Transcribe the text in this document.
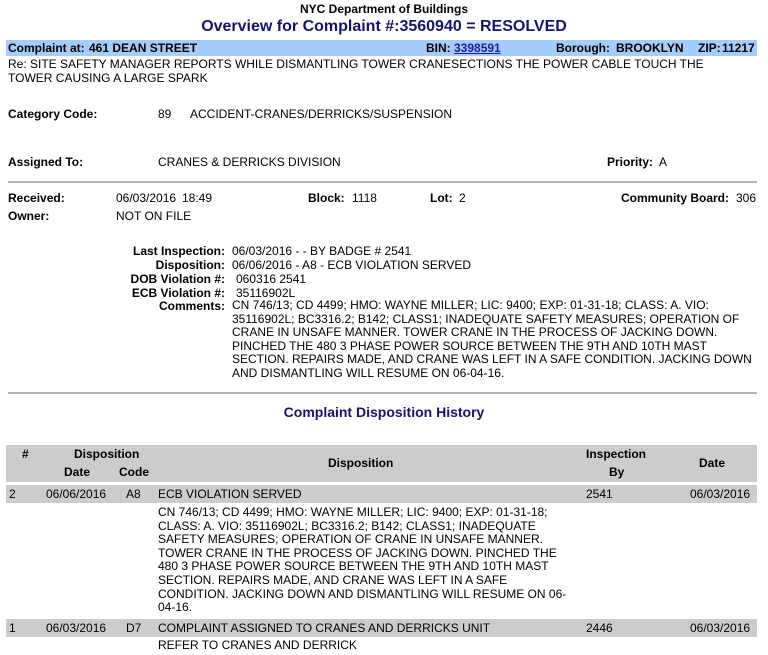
NYC Department of Buildings
Overview for Complaint #:3560940 = RESOLVED
Complaint at: 461 DEAN STREET	BIN: 3398591	Borough: BROOKLYN ZIP: 11217
Re: SITE SAFETY MANAGER REPORTS WHILE DISMANTLING TOWER CRANESECTIONS THE POWER CABLE TOUCH THE TOWER CAUSING A LARGE SPARK
Category Code:	89 ACCIDENT-CRANES/DERRICKS/SUSPENSION
Assigned To:	CRANES & DERRICKS DIVISION	Priority: A
Received:	06/03/2016 18:49	Block: 1118	Lot: 2	Community Board: 306
Owner:	NOT ON FILE
Last Inspection: 06/03/2016 - - BY BADGE # 2541
Disposition: 06/06/2016 - A8 - ECB VIOLATION SERVED
DOB Violation #: 060316 2541
ECB Violation #: 35116902L
Comments: CN 746/13; CD 4499; HMO: WAYNE MILLER; LIC: 9400; EXP: 01-31-18; CLASS: A. VIO: 35116902L; BC3316.2; B142; CLASS1; INADEQUATE SAFETY MEASURES; OPERATION OF CRANE IN UNSAFE MANNER. TOWER CRANE IN THE PROCESS OF JACKING DOWN. PINCHED THE 480 3 PHASE POWER SOURCE BETWEEN THE 9TH AND 10TH MAST SECTION. REPAIRS MADE, AND CRANE WAS LEFT IN A SAFE CONDITION. JACKING DOWN AND DISMANTLING WILL RESUME ON 06-04-16.
Complaint Disposition History
#	Disposition
Date Code
Disposition
Inspection
By
Date
2	06/06/2016 A8 ECB VIOLATION SERVED	2541	06/03/2016
CN 746/13; CD 4499; HMO: WAYNE MILLER; LIC: 9400; EXP: 01-31-18; CLASS: A. VIO: 35116902L; BC3316.2; B142; CLASS1; INADEQUATE SAFETY MEASURES; OPERATION OF CRANE IN UNSAFE MANNER. TOWER CRANE IN THE PROCESS OF JACKING DOWN. PINCHED THE 480 3 PHASE POWER SOURCE BETWEEN THE 9TH AND 10TH MAST SECTION. REPAIRS MADE, AND CRANE WAS LEFT IN A SAFE CONDITION. JACKING DOWN AND DISMANTLING WILL RESUME ON 06-04-16.
1	06/03/2016 D7 COMPLAINT ASSIGNED TO CRANES AND DERRICKS UNIT	2446	06/03/2016
REFER TO CRANES AND DERRICK
